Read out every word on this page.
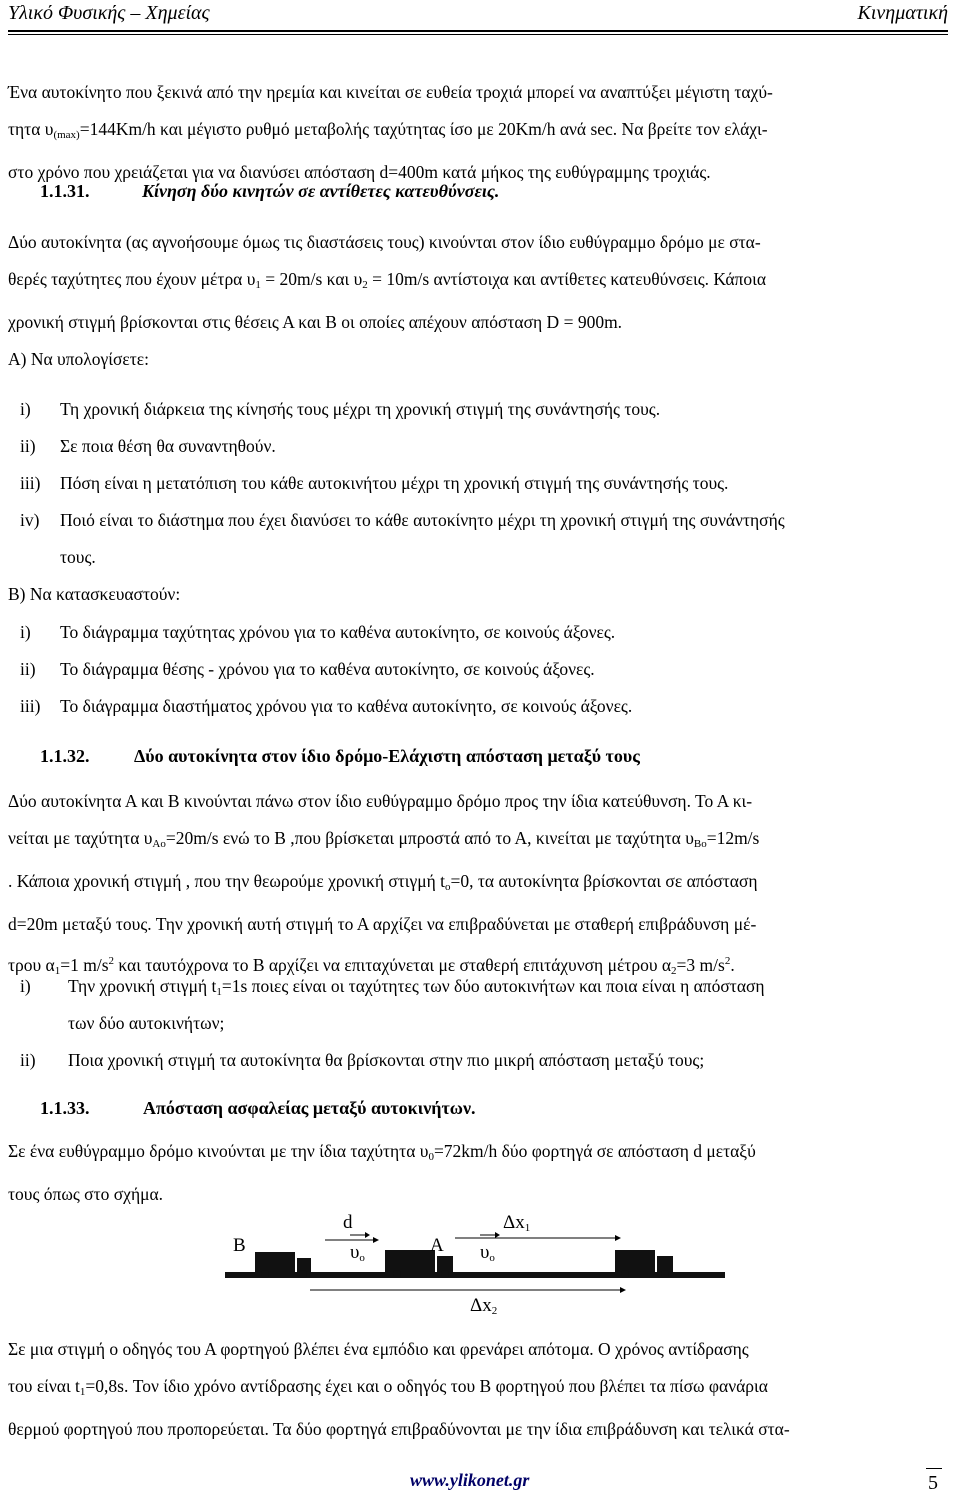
Υλικό Φυσικής – Χημείας	Κινηματική
Ένα αυτοκίνητο που ξεκινά από την ηρεμία και κινείται σε ευθεία τροχιά μπορεί να αναπτύξει μέγιστη ταχύ-
τητα $\upsilon_{(max)}=144Km/h$ και μέγιστο ρυθμό μεταβολής ταχύτητας ίσο με 20Km/h ανά sec. Να βρείτε τον ελάχι-
στο χρόνο που χρειάζεται για να διανύσει απόσταση d=400m κατά μήκος της ευθύγραμμης τροχιάς.
1.1.31.	Κίνηση δύο κινητών σε αντίθετες κατευθύνσεις.
Δύο αυτοκίνητα (ας αγνοήσουμε όμως τις διαστάσεις τους) κινούνται στον ίδιο ευθύγραμμο δρόμο με στα-
θερές ταχύτητες που έχουν μέτρα $\upsilon_1 = 20m/s$ και $\upsilon_2 = 10m/s$ αντίστοιχα και αντίθετες κατευθύνσεις. Κάποια
χρονική στιγμή βρίσκονται στις θέσεις Α και Β οι οποίες απέχουν απόσταση D = 900m.
Α) Να υπολογίσετε:
i) Τη χρονική διάρκεια της κίνησής τους μέχρι τη χρονική στιγμή της συνάντησής τους.
ii) Σε ποια θέση θα συναντηθούν.
iii) Πόση είναι η μετατόπιση του κάθε αυτοκινήτου μέχρι τη χρονική στιγμή της συνάντησής τους.
iv) Ποιό είναι το διάστημα που έχει διανύσει το κάθε αυτοκίνητο μέχρι τη χρονική στιγμή της συνάντησής
τους.
Β) Να κατασκευαστούν:
i) Το διάγραμμα ταχύτητας χρόνου για το καθένα αυτοκίνητο, σε κοινούς άξονες.
ii) Το διάγραμμα θέσης - χρόνου για το καθένα αυτοκίνητο, σε κοινούς άξονες.
iii) Το διάγραμμα διαστήματος χρόνου για το καθένα αυτοκίνητο, σε κοινούς άξονες.
1.1.32. Δύο αυτοκίνητα στον ίδιο δρόμο-Ελάχιστη απόσταση μεταξύ τους
Δύο αυτοκίνητα Α και Β κινούνται πάνω στον ίδιο ευθύγραμμο δρόμο προς την ίδια κατεύθυνση. Το Α κι-
νείται με ταχύτητα $\upsilon_{Ao}=20m/s$ ενώ το Β ,που βρίσκεται μπροστά από το Α, κινείται με ταχύτητα $\upsilon_{Bo}=12m/s$
. Κάποια χρονική στιγμή , που την θεωρούμε χρονική στιγμή $t_o=0$, τα αυτοκίνητα βρίσκονται σε απόσταση
d=20m μεταξύ τους. Την χρονική αυτή στιγμή το Α αρχίζει να επιβραδύνεται με σταθερή επιβράδυνση μέ-
τρου $\alpha_1=1$ $m/s^2$ και ταυτόχρονα το Β αρχίζει να επιταχύνεται με σταθερή επιτάχυνση μέτρου $\alpha_2=3$ $m/s^2$.
i) Την χρονική στιγμή $t_1=1s$ ποιες είναι οι ταχύτητες των δύο αυτοκινήτων και ποια είναι η απόσταση
των δύο αυτοκινήτων;
ii) Ποια χρονική στιγμή τα αυτοκίνητα θα βρίσκονται στην πιο μικρή απόσταση μεταξύ τους;
1.1.33.	Απόσταση ασφαλείας μεταξύ αυτοκινήτων.
Σε ένα ευθύγραμμο δρόμο κινούνται με την ίδια ταχύτητα $\upsilon_0=72km/h$ δύο φορτηγά σε απόσταση d μεταξύ
τους όπως στο σχήμα.
Β	Α
d
$\upsilon_o$	$\upsilon_o$
$\Delta x_1$
$\Delta x_2$
Σε μια στιγμή ο οδηγός του Α φορτηγού βλέπει ένα εμπόδιο και φρενάρει απότομα. Ο χρόνος αντίδρασης
του είναι $t_1=0,8s$. Τον ίδιο χρόνο αντίδρασης έχει και ο οδηγός του Β φορτηγού που βλέπει τα πίσω φανάρια
θερμού φορτηγού που προπορεύεται. Τα δύο φορτηγά επιβραδύνονται με την ίδια επιβράδυνση και τελικά στα-
www.ylikonet.gr	5
